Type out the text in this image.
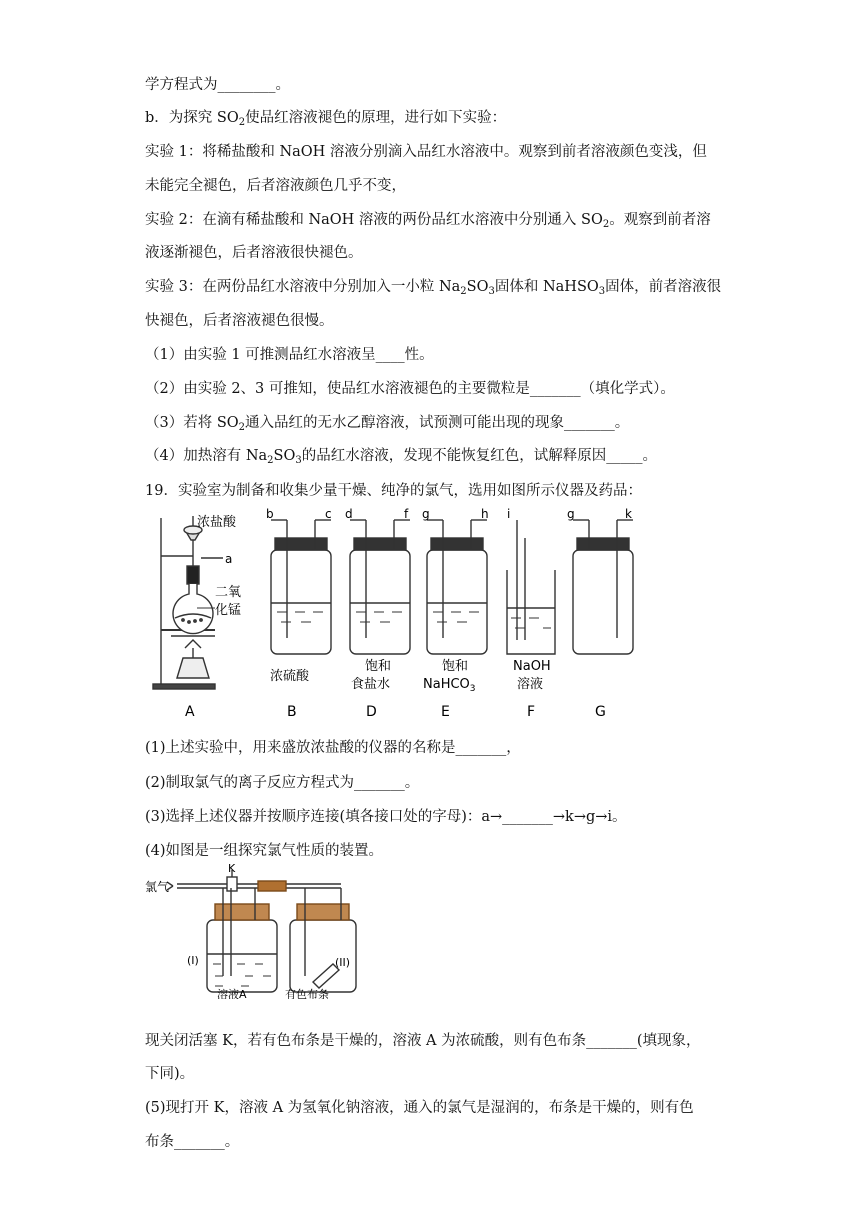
学方程式为________。
b．为探究 $SO_2$使品红溶液褪色的原理，进行如下实验：
实验 1：将稀盐酸和 NaOH 溶液分别滴入品红水溶液中。观察到前者溶液颜色变浅，但
未能完全褪色，后者溶液颜色几乎不变，
实验 2：在滴有稀盐酸和 NaOH 溶液的两份品红水溶液中分别通入 $SO_2$。观察到前者溶
液逐渐褪色，后者溶液很快褪色。
实验 3：在两份品红水溶液中分别加入一小粒 $Na_2SO_3$固体和 NaHSO$_3$固体，前者溶液很
快褪色，后者溶液褪色很慢。
（1）由实验 1 可推测品红水溶液呈____性。
（2）由实验 2、3 可推知，使品红水溶液褪色的主要微粒是_______（填化学式）。
（3）若将 $SO_2$通入品红的无水乙醇溶液，试预测可能出现的现象_______。
（4）加热溶有 $Na_2SO_3$的品红水溶液，发现不能恢复红色，试解释原因_____。
19．实验室为制备和收集少量干燥、纯净的氯气，选用如图所示仪器及药品：
浓盐酸
a
二氧
化锰
b	c d	f g	h i	g	k
浓硫酸
饱和
食盐水
饱和
NaHCO$_3$
NaOH
溶液
A	B	D	E	F	G
(1)上述实验中，用来盛放浓盐酸的仪器的名称是_______，
(2)制取氯气的离子反应方程式为_______。
(3)选择上述仪器并按顺序连接(填各接口处的字母)：a→_______→k→g→i。
(4)如图是一组探究氯气性质的装置。
氯气
K
(I)	(II)
溶液A	有色布条
现关闭活塞 K，若有色布条是干燥的，溶液 A 为浓硫酸，则有色布条_______(填现象，
下同)。
(5)现打开 K，溶液 A 为氢氧化钠溶液，通入的氯气是湿润的，布条是干燥的，则有色
布条_______。
